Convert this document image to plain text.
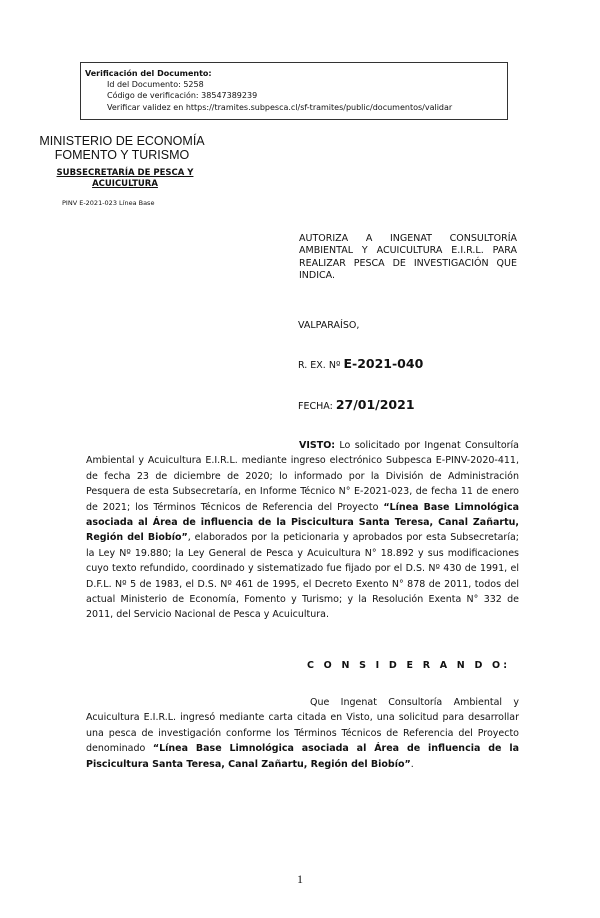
Verificación del Documento:
• Id del Documento: 5258
• Código de verificación: 38547389239
• Verificar validez en https://tramites.subpesca.cl/sf-tramites/public/documentos/validar
MINISTERIO DE ECONOMÍA
FOMENTO Y TURISMO
SUBSECRETARÍA DE PESCA Y ACUICULTURA
PINV E-2021-023 Línea Base
AUTORIZA A INGENAT CONSULTORÍA AMBIENTAL Y ACUICULTURA E.I.R.L. PARA REALIZAR PESCA DE INVESTIGACIÓN QUE INDICA.
VALPARAÍSO,
R. EX. Nº E-2021-040
FECHA: 27/01/2021

VISTO: Lo solicitado por Ingenat Consultoría Ambiental y Acuicultura E.I.R.L. mediante ingreso electrónico Subpesca E-PINV-2020-411, de fecha 23 de diciembre de 2020; lo informado por la División de Administración Pesquera de esta Subsecretaría, en Informe Técnico N° E-2021-023, de fecha 11 de enero de 2021; los Términos Técnicos de Referencia del Proyecto “Línea Base Limnológica asociada al Área de influencia de la Piscicultura Santa Teresa, Canal Zañartu, Región del Biobío”, elaborados por la peticionaria y aprobados por esta Subsecretaría; la Ley Nº 19.880; la Ley General de Pesca y Acuicultura N° 18.892 y sus modificaciones cuyo texto refundido, coordinado y sistematizado fue fijado por el D.S. Nº 430 de 1991, el D.F.L. Nº 5 de 1983, el D.S. Nº 461 de 1995, el Decreto Exento N° 878 de 2011, todos del actual Ministerio de Economía, Fomento y Turismo; y la Resolución Exenta N° 332 de 2011, del Servicio Nacional de Pesca y Acuicultura.

C O N S I D E R A N D O:

Que Ingenat Consultoría Ambiental y Acuicultura E.I.R.L. ingresó mediante carta citada en Visto, una solicitud para desarrollar una pesca de investigación conforme los Términos Técnicos de Referencia del Proyecto denominado “Línea Base Limnológica asociada al Área de influencia de la Piscicultura Santa Teresa, Canal Zañartu, Región del Biobío”.

1
